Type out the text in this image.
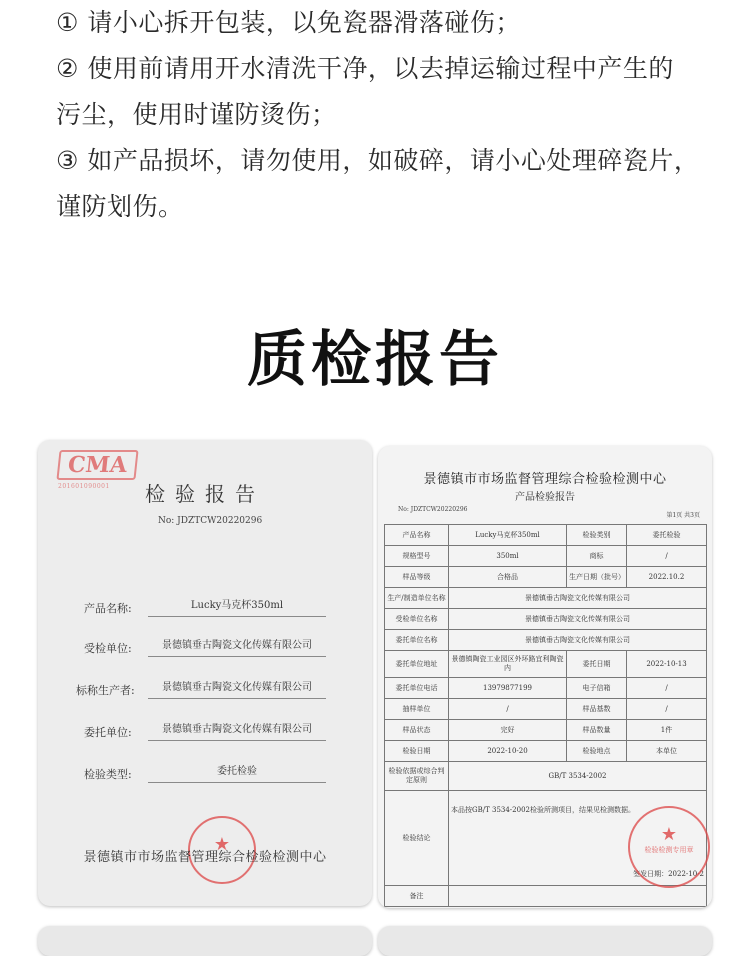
① 请小心拆开包装，以免瓷器滑落碰伤；

② 使用前请用开水清洗干净，以去掉运输过程中产生的

污尘，使用时谨防烫伤；

③ 如产品损坏，请勿使用，如破碎，请小心处理碎瓷片，

谨防划伤。

质检报告
CMA
201601090001	检验报告
No: JDZTCW20220296
产品名称:	Lucky马克杯350ml
受检单位:	景德镇垂古陶瓷文化传媒有限公司
标称生产者:	景德镇垂古陶瓷文化传媒有限公司
委托单位:	景德镇垂古陶瓷文化传媒有限公司
检验类型:	委托检验
★
景德镇市市场监督管理综合检验检测中心
景德镇市市场监督管理综合检验检测中心
产品检验报告
No: JDZTCW20220296
第1页 共3页
产品名称	Lucky马克杯350ml	检验类别	委托检验
规格型号	350ml	商标	/
样品等级	合格品	生产日期（批号）	2022.10.2
生产/制造单位名称	景德镇垂古陶瓷文化传媒有限公司		
受检单位名称	景德镇垂古陶瓷文化传媒有限公司		
委托单位名称	景德镇垂古陶瓷文化传媒有限公司		
委托单位地址	景德镇陶瓷工业园区外环路宜利陶瓷内	委托日期	2022-10-13
委托单位电话	13979877199	电子信箱	/
抽样单位	/	样品基数	/
样品状态	完好	样品数量	1件
检验日期	2022-10-20	检验地点	本单位
检验依据或综合判定原则	GB/T 3534-2002		
检验结论	本品按GB/T 3534-2002检验所测项目，结果见检测数据。
签发日期：2022-10-2		

备注			
★
检验检测专用章
